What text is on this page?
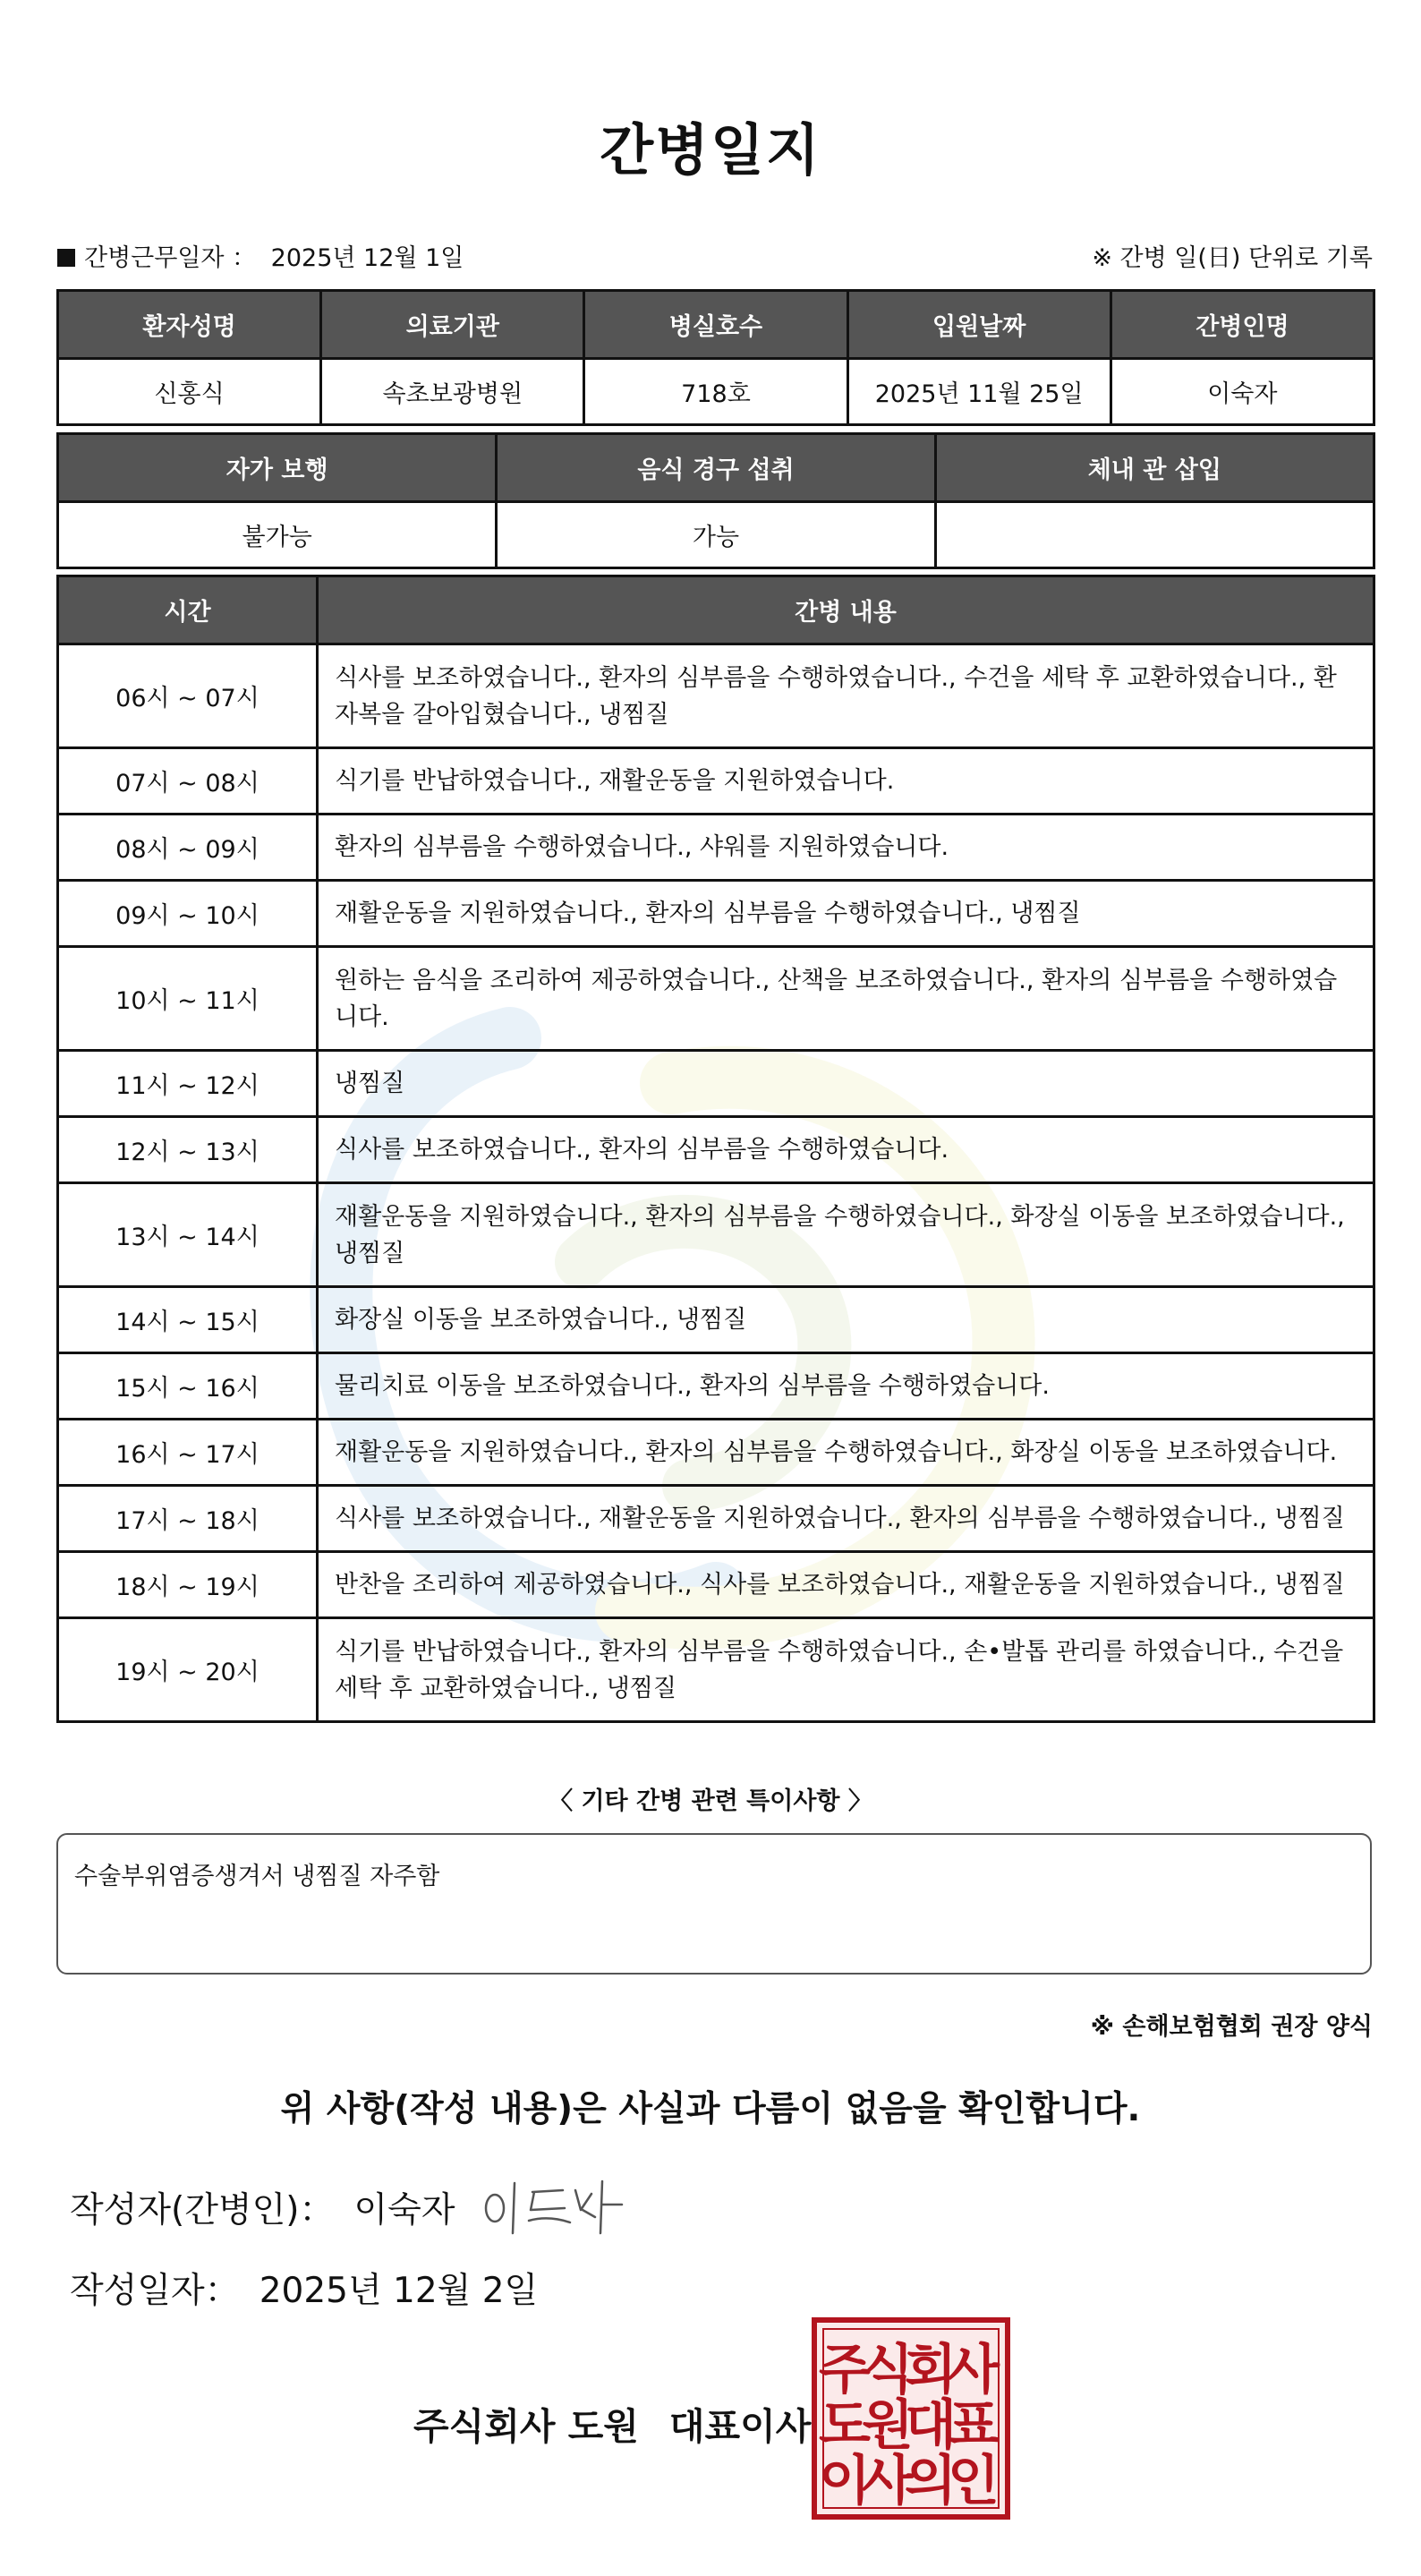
간병일지
간병근무일자 ： 2025년 12월 1일	※ 간병 일(日) 단위로 기록
환자성명	의료기관	병실호수	입원날짜	간병인명
신홍식	속초보광병원	718호	2025년 11월 25일	이숙자
자가 보행	음식 경구 섭취	체내 관 삽입
불가능	가능	
시간	간병 내용
06시 ~ 07시	식사를 보조하였습니다., 환자의 심부름을 수행하였습니다., 수건을 세탁 후 교환하였습니다., 환자복을 갈아입혔습니다., 냉찜질
07시 ~ 08시	식기를 반납하였습니다., 재활운동을 지원하였습니다.
08시 ~ 09시	환자의 심부름을 수행하였습니다., 샤워를 지원하였습니다.
09시 ~ 10시	재활운동을 지원하였습니다., 환자의 심부름을 수행하였습니다., 냉찜질
10시 ~ 11시	원하는 음식을 조리하여 제공하였습니다., 산책을 보조하였습니다., 환자의 심부름을 수행하였습니다.
11시 ~ 12시	냉찜질
12시 ~ 13시	식사를 보조하였습니다., 환자의 심부름을 수행하였습니다.
13시 ~ 14시	재활운동을 지원하였습니다., 환자의 심부름을 수행하였습니다., 화장실 이동을 보조하였습니다., 냉찜질
14시 ~ 15시	화장실 이동을 보조하였습니다., 냉찜질
15시 ~ 16시	물리치료 이동을 보조하였습니다., 환자의 심부름을 수행하였습니다.
16시 ~ 17시	재활운동을 지원하였습니다., 환자의 심부름을 수행하였습니다., 화장실 이동을 보조하였습니다.
17시 ~ 18시	식사를 보조하였습니다., 재활운동을 지원하였습니다., 환자의 심부름을 수행하였습니다., 냉찜질
18시 ~ 19시	반찬을 조리하여 제공하였습니다., 식사를 보조하였습니다., 재활운동을 지원하였습니다., 냉찜질
19시 ~ 20시	식기를 반납하였습니다., 환자의 심부름을 수행하였습니다., 손•발톱 관리를 하였습니다., 수건을 세탁 후 교환하였습니다., 냉찜질
〈 기타 간병 관련 특이사항 〉
수술부위염증생겨서 냉찜질 자주함
※ 손해보험협회 권장 양식
위 사항(작성 내용)은 사실과 다름이 없음을 확인합니다.
작성자(간병인)： 이숙자
작성일자： 2025년 12월 2일
주식회사 도원 대표이사
주
식
회
사
도
원
대
표
이
사
의
인
